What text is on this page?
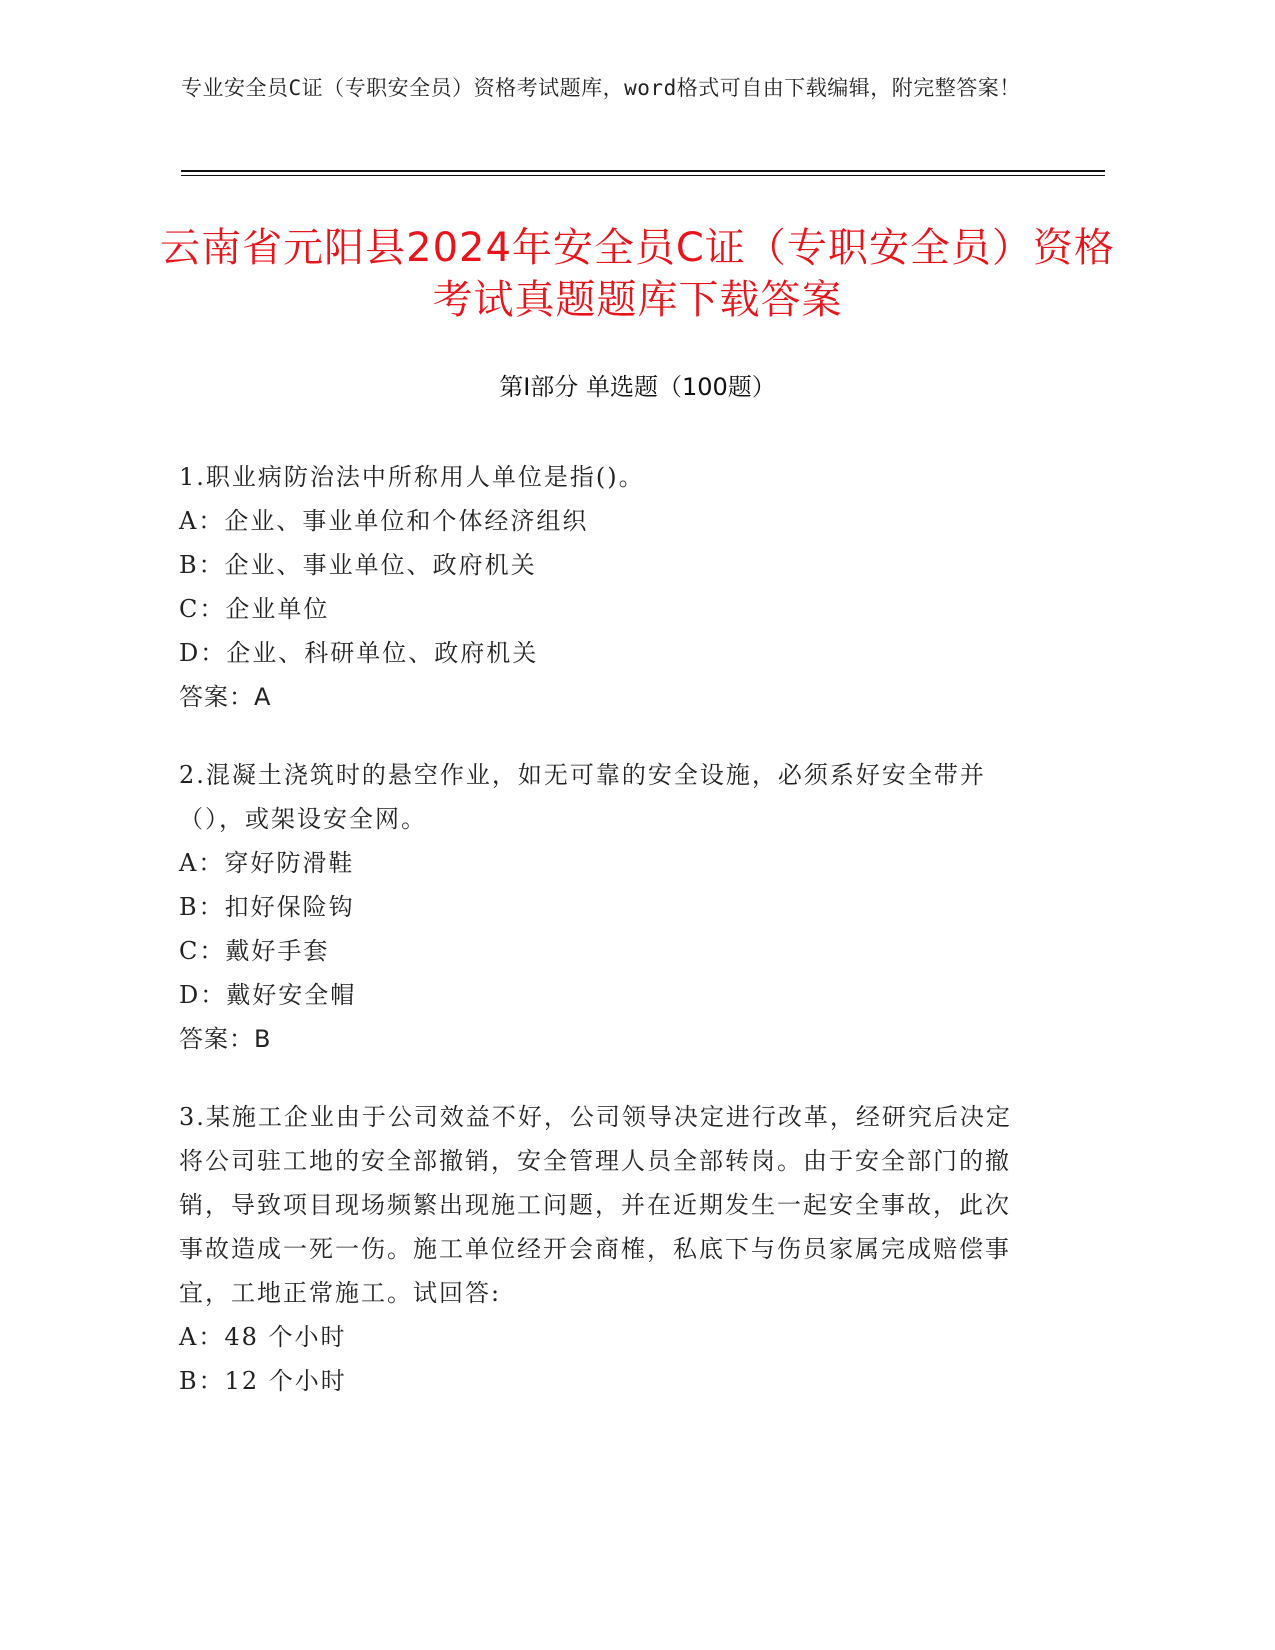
专业安全员C证（专职安全员）资格考试题库，word格式可自由下载编辑，附完整答案！
云南省元阳县2024年安全员C证（专职安全员）资格考试真题题库下载答案
第Ⅰ部分 单选题（100题）
1.职业病防治法中所称用人单位是指()。
A：企业、事业单位和个体经济组织
B：企业、事业单位、政府机关
C：企业单位
D：企业、科研单位、政府机关
答案：A
2.混凝土浇筑时的悬空作业，如无可靠的安全设施，必须系好安全带并（），或架设安全网。
A：穿好防滑鞋
B：扣好保险钩
C：戴好手套
D：戴好安全帽
答案：B
3.某施工企业由于公司效益不好，公司领导决定进行改革，经研究后决定将公司驻工地的安全部撤销，安全管理人员全部转岗。由于安全部门的撤销，导致项目现场频繁出现施工问题，并在近期发生一起安全事故，此次事故造成一死一伤。施工单位经开会商榷，私底下与伤员家属完成赔偿事宜，工地正常施工。试回答:
A：48 个小时
B：12 个小时
